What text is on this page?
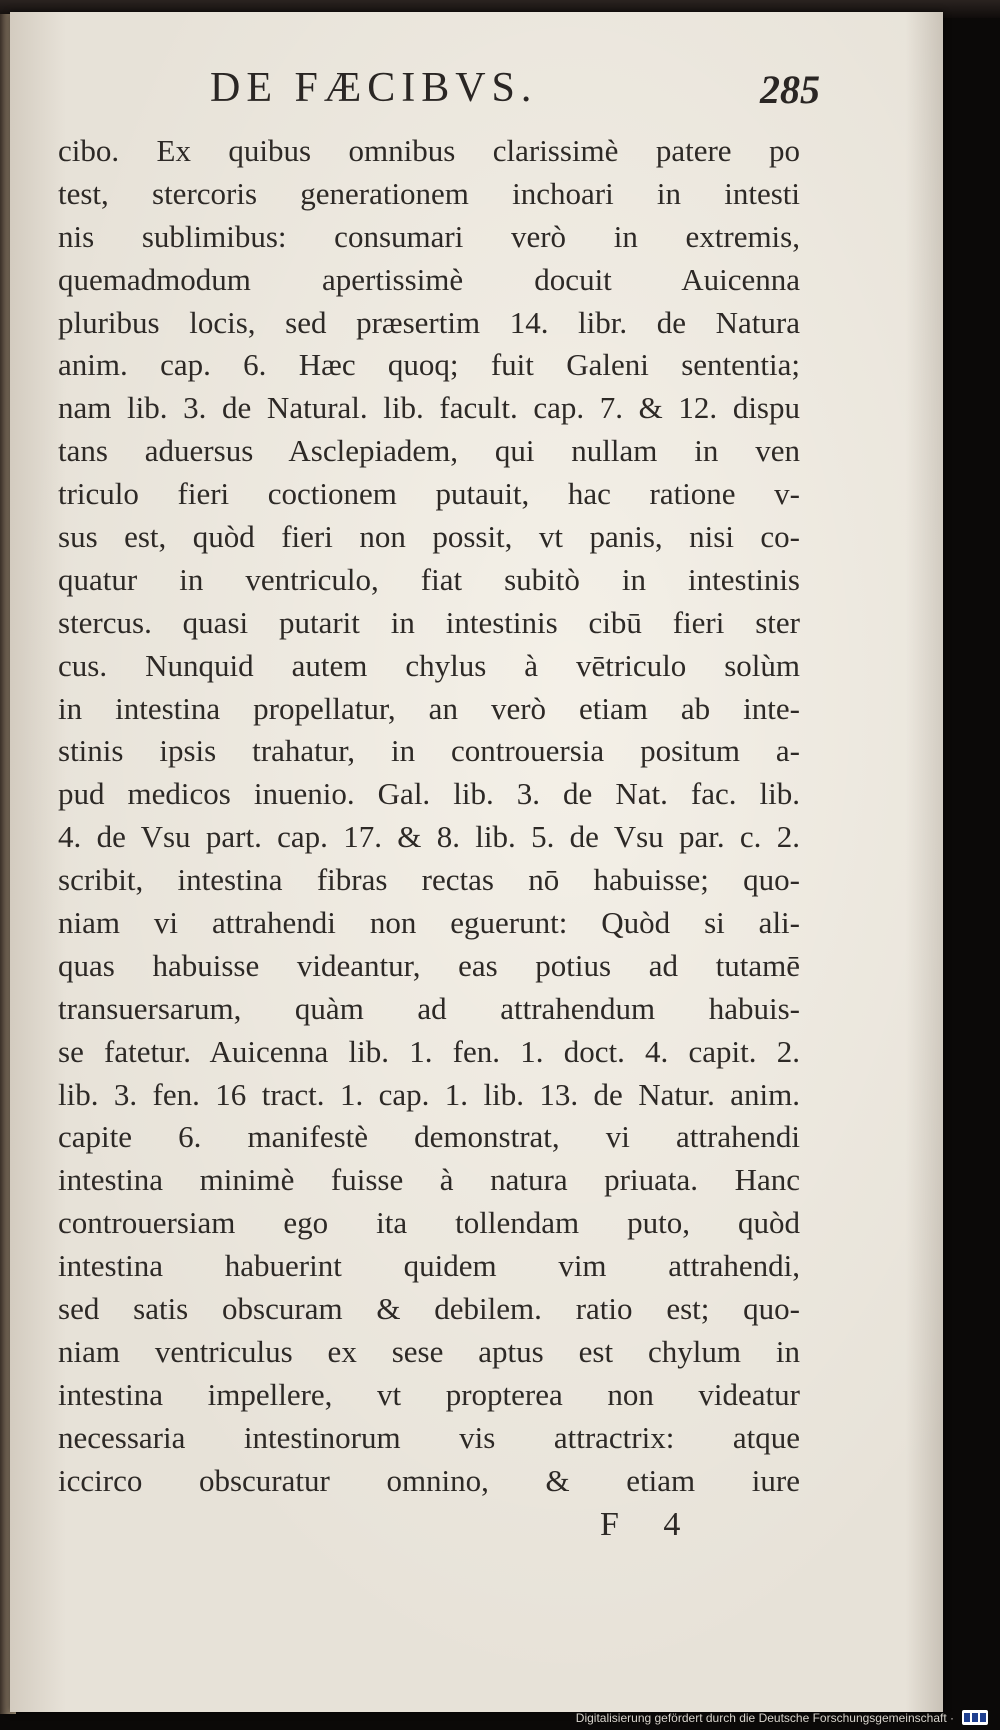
DE FÆCIBVS.	285
cibo. Ex quibus omnibus clarissimè patere po
test, stercoris generationem inchoari in intesti
nis sublimibus: consumari verò in extremis,
quemadmodum apertissimè docuit Auicenna
pluribus locis, sed præsertim 14. libr. de Natura
anim. cap. 6. Hæc quoq; fuit Galeni sententia;
nam lib. 3. de Natural. lib. facult. cap. 7. & 12. dispu
tans aduersus Asclepiadem, qui nullam in ven
triculo fieri coctionem putauit, hac ratione v-
sus est, quòd fieri non possit, vt panis, nisi co-
quatur in ventriculo, fiat subitò in intestinis
stercus. quasi putarit in intestinis cibū fieri ster
cus. Nunquid autem chylus à vētriculo solùm
in intestina propellatur, an verò etiam ab inte-
stinis ipsis trahatur, in controuersia positum a-
pud medicos inuenio. Gal. lib. 3. de Nat. fac. lib.
4. de Vsu part. cap. 17. & 8. lib. 5. de Vsu par. c. 2.
scribit, intestina fibras rectas nō habuisse; quo-
niam vi attrahendi non eguerunt: Quòd si ali-
quas habuisse videantur, eas potius ad tutamē
transuersarum, quàm ad attrahendum habuis-
se fatetur. Auicenna lib. 1. fen. 1. doct. 4. capit. 2.
lib. 3. fen. 16 tract. 1. cap. 1. lib. 13. de Natur. anim.
capite 6. manifestè demonstrat, vi attrahendi
intestina minimè fuisse à natura priuata. Hanc
controuersiam ego ita tollendam puto, quòd
intestina habuerint quidem vim attrahendi,
sed satis obscuram & debilem. ratio est; quo-
niam ventriculus ex sese aptus est chylum in
intestina impellere, vt propterea non videatur
necessaria intestinorum vis attractrix: atque
iccirco obscuratur omnino, & etiam iure
F 4
Digitalisierung gefördert durch die Deutsche Forschungsgemeinschaft ·
